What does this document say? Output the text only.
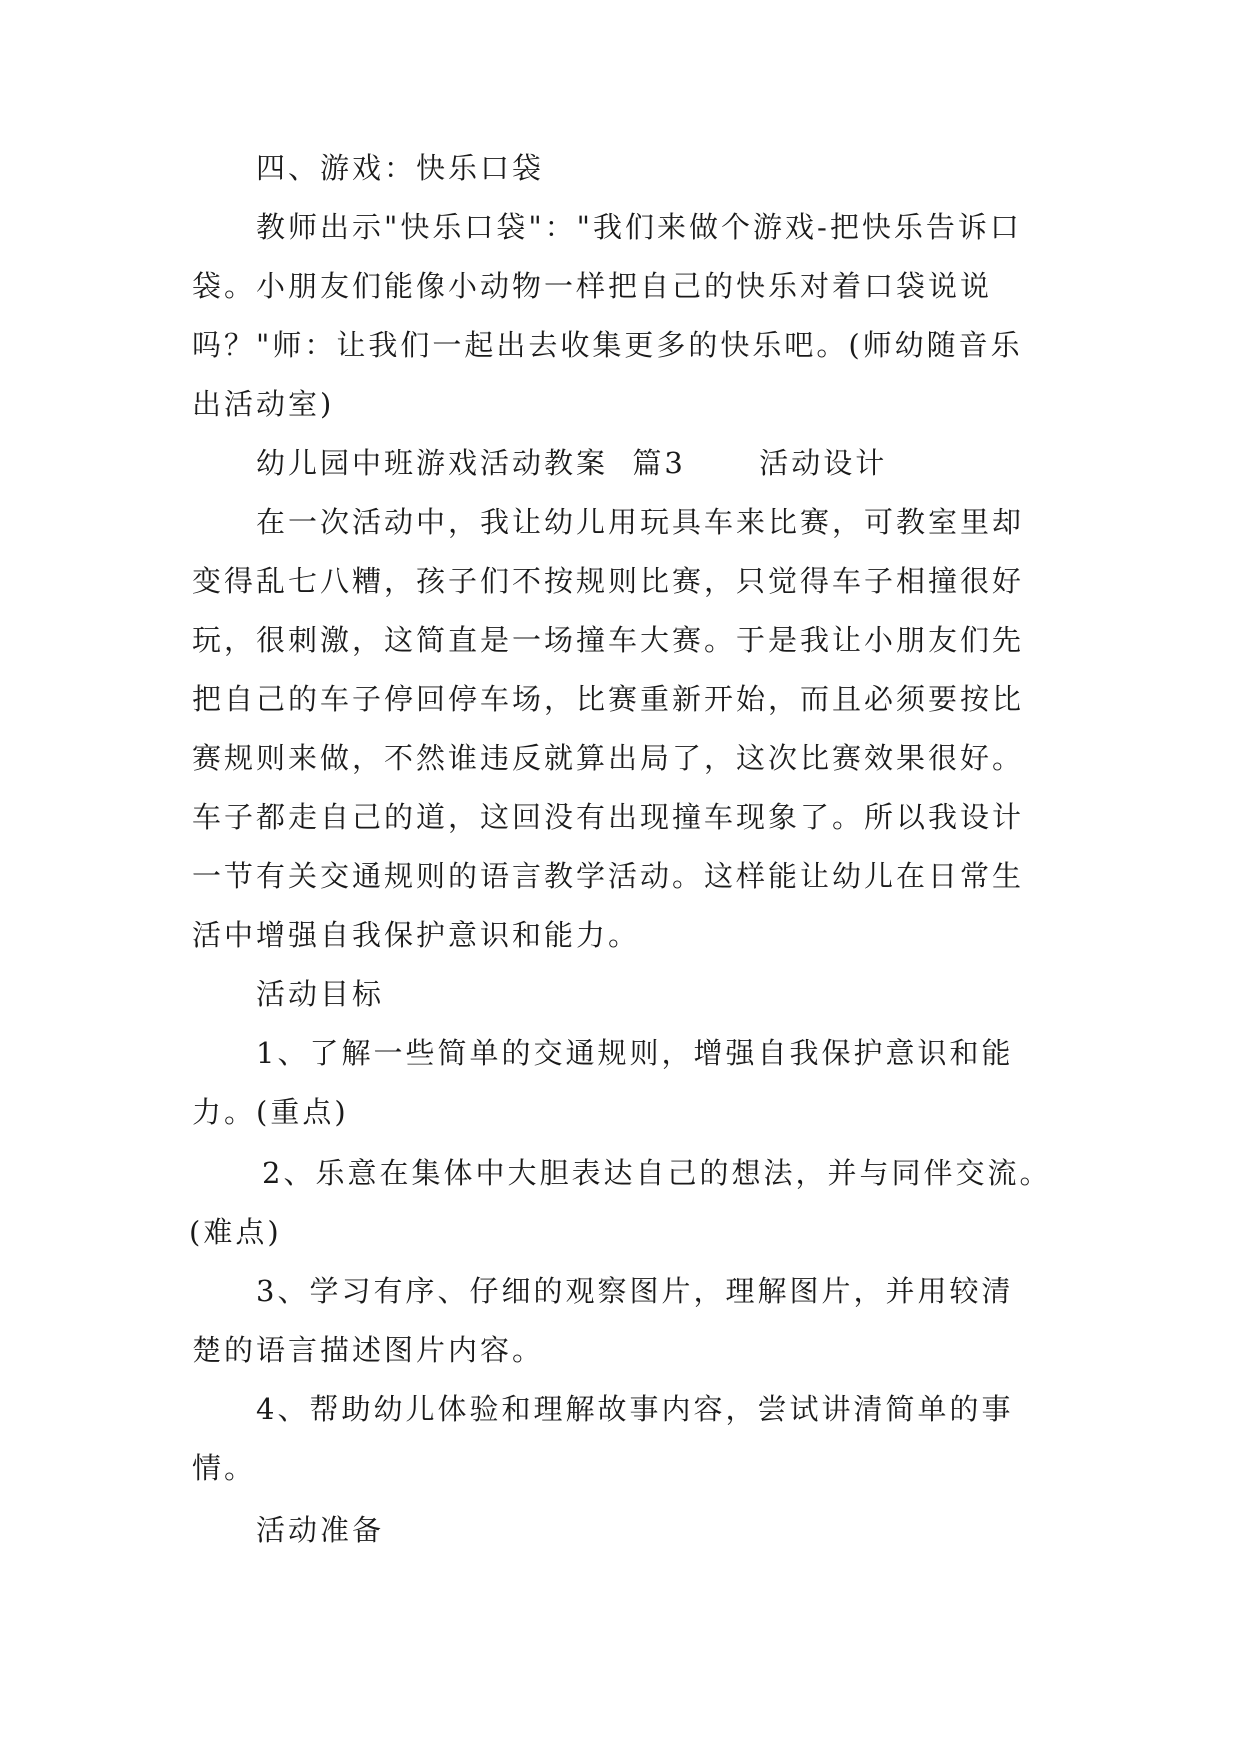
四、游戏：快乐口袋
教师出示"快乐口袋"："我们来做个游戏-把快乐告诉口
袋。小朋友们能像小动物一样把自己的快乐对着口袋说说
吗？"师：让我们一起出去收集更多的快乐吧。(师幼随音乐
出活动室)
幼儿园中班游戏活动教案  篇3      活动设计
在一次活动中，我让幼儿用玩具车来比赛，可教室里却
变得乱七八糟，孩子们不按规则比赛，只觉得车子相撞很好
玩，很刺激，这简直是一场撞车大赛。于是我让小朋友们先
把自己的车子停回停车场，比赛重新开始，而且必须要按比
赛规则来做，不然谁违反就算出局了，这次比赛效果很好。
车子都走自己的道，这回没有出现撞车现象了。所以我设计
一节有关交通规则的语言教学活动。这样能让幼儿在日常生
活中增强自我保护意识和能力。
活动目标
1、了解一些简单的交通规则，增强自我保护意识和能
力。(重点)
2、乐意在集体中大胆表达自己的想法，并与同伴交流。
(难点)
3、学习有序、仔细的观察图片，理解图片，并用较清
楚的语言描述图片内容。
4、帮助幼儿体验和理解故事内容，尝试讲清简单的事
情。
活动准备
